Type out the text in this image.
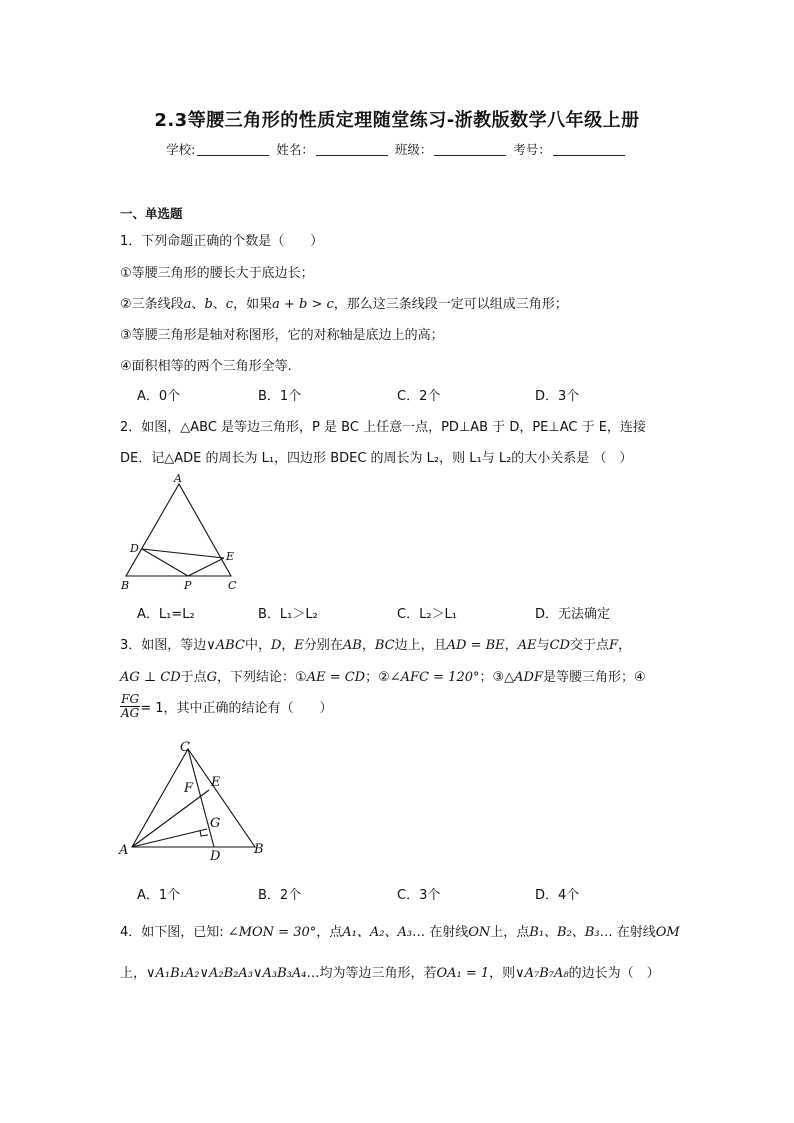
2.3等腰三角形的性质定理随堂练习-浙教版数学八年级上册
学校:	姓名：	班级：	考号：
一、单选题
1．下列命题正确的个数是（　　）
①等腰三角形的腰长大于底边长；
②三条线段a、b、c，如果a + b > c，那么这三条线段一定可以组成三角形；
③等腰三角形是轴对称图形，它的对称轴是底边上的高；
④面积相等的两个三角形全等.
A．0个	B．1个	C．2个	D．3个
2．如图，△ABC 是等边三角形，P 是 BC 上任意一点，PD⊥AB 于 D，PE⊥AC 于 E，连接
DE．记△ADE 的周长为 L₁，四边形 BDEC 的周长为 L₂，则 L₁与 L₂的大小关系是 （　）
A
D
E
B	P	C
A．L₁=L₂	B．L₁＞L₂	C．L₂＞L₁	D．无法确定
3．如图，等边∨ABC中，D，E分别在AB，BC边上，且AD = BE，AE与CD交于点F，
AG ⊥ CD于点G，下列结论：①AE = CD；②∠AFC = 120°；③△ADF是等腰三角形；④
$\frac{FG}{AG} = 1$，其中正确的结论有（　　）
C
E
F
G
A	D	B
A．1个	B．2个	C．3个	D．4个
4．如下图，已知: ∠MON = 30°，点A₁、A₂、A₃… 在射线ON上，点B₁、B₂、B₃… 在射线OM
上，∨A₁B₁A₂∨A₂B₂A₃∨A₃B₃A₄…均为等边三角形，若OA₁ = 1，则∨A₇B₇A₈的边长为（　）
